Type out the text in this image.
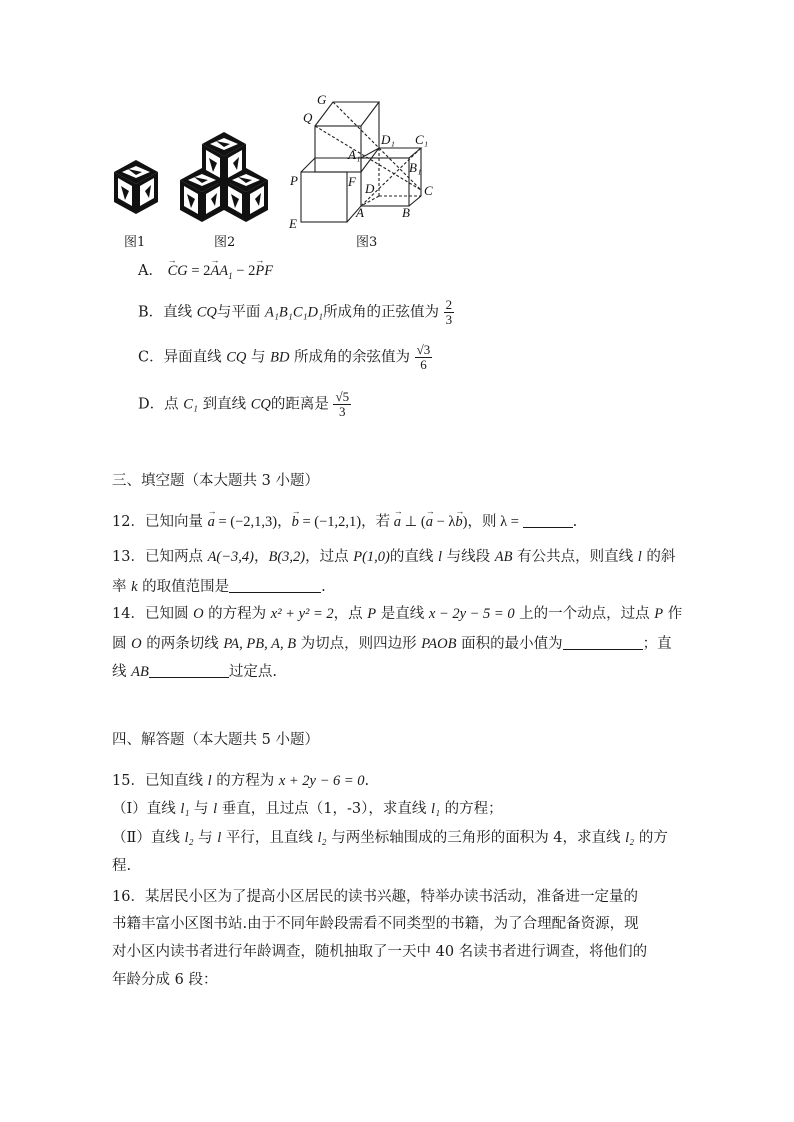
G
Q
D₁ C₁
A₁
B₁
P	F D	C
E
A	B
图1	图2	图3
A． → CG = $2\to AA_1 - 2\to$ PF
B．直线 CQ与平面 A₁B₁C₁D₁所成角的正弦值为 $\frac{2}{3}$
C．异面直线 CQ 与 BD 所成角的余弦值为 $\frac{√3}{6}$
D．点 C₁ 到直线 CQ的距离是 $\frac{√5}{3}$
三、填空题（本大题共 3 小题）
12．已知向量 → a = (−2,1,3)，→ b = (−1,2,1)，若 → a ⊥ (→ a − λ→ b)，则 λ =	.
13．已知两点 A(−3,4)，B(3,2)，过点 P(1,0)的直线 l 与线段 AB 有公共点，则直线 l 的斜
率 k 的取值范围是	.
14．已知圆 O 的方程为 x² + y² = 2，点 P 是直线 x − 2y − 5 = 0 上的一个动点，过点 P 作
圆 O 的两条切线 PA, PB, A, B 为切点，则四边形 PAOB 面积的最小值为	；直
线 AB	过定点.
四、解答题（本大题共 5 小题）
15．已知直线 l 的方程为 x + 2y − 6 = 0.
（Ⅰ）直线 l₁ 与 l 垂直，且过点（1，-3），求直线 l₁ 的方程；
（Ⅱ）直线 l₂ 与 l 平行，且直线 l₂ 与两坐标轴围成的三角形的面积为 4，求直线 l₂ 的方
程.
16．某居民小区为了提高小区居民的读书兴趣，特举办读书活动，准备进一定量的
书籍丰富小区图书站.由于不同年龄段需看不同类型的书籍，为了合理配备资源，现
对小区内读书者进行年龄调查，随机抽取了一天中 40 名读书者进行调查，将他们的
年龄分成 6 段：
